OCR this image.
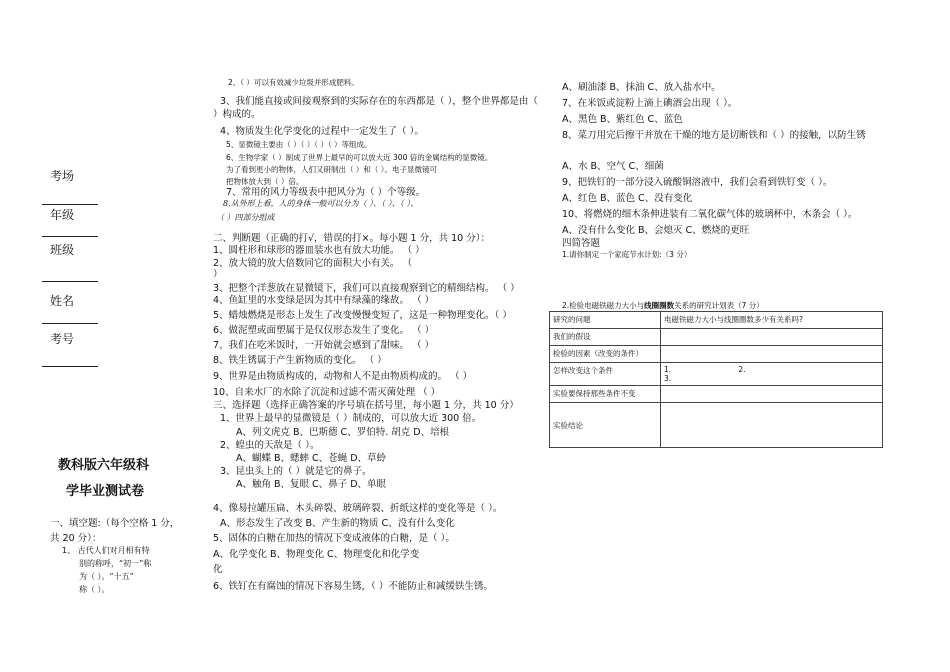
考场
年级
班级
姓名
考号
教科版六年级科
学毕业测试卷
一、填空题:（每个空格 1 分，
共 20 分）：
1、 古代人们对月相有特
别的称呼，“初一”称
为（ ）。“十五”
称（ ）。
2、（ ）可以有效减少垃圾并形成肥料。
3、我们能直接或间接观察到的实际存在的东西都是（ ），整个世界都是由（
）构成的。
4、物质发生化学变化的过程中一定发生了（ ）。
5、显微镜主要由（ ）（ ）（ ）（ ）等组成。
6、生物学家（ ）制成了世界上最早的可以放大近 300 倍的金属结构的显微镜。
为了看到更小的物体，人们又研制出（ ）和（ ）。电子显微镜可
把物体放大到（ ）倍。
7、常用的风力等级表中把风分为（ ）个等级。
8.从外形上看，人的身体一般可以分为（ ）、（ ）、（ ）、
（ ）四部分组成
二、判断题（正确的打√，错误的打×。每小题 1 分，共 10 分）：
1、圆柱形和球形的器皿装水也有放大功能。 （ ）
2、放大镜的放大倍数同它的面积大小有关。 （
）
3、把整个洋葱放在显微镜下，我们可以直接观察到它的精细结构。 （ ）
4、鱼缸里的水变绿是因为其中有绿藻的缘故。 （ ）
5、蜡烛燃烧是形态上发生了改变慢慢变短了，这是一种物理变化。（ ）
6、做泥塑或面塑属于是仅仅形态发生了变化。 （ ）
7、我们在吃米饭时，一开始就会感到了甜味。 （ ）
8、铁生锈属于产生新物质的变化。 （ ）
9、世界是由物质构成的，动物和人不是由物质构成的。 （ ）
10、自来水厂的水除了沉淀和过滤不需灭菌处理 （ ）
三、选择题（选择正确答案的序号填在括号里，每小题 1 分，共 10 分）
1、世界上最早的显微镜是（ ）制成的，可以放大近 300 倍。
A、列文虎克 B、巴斯德 C、罗伯特. 胡克 D、培根
2、蝗虫的天敌是（ ）。
A、蝴蝶 B、蟋蟀 C、苍蝇 D、草蛉
3、昆虫头上的（ ）就是它的鼻子。
A、触角 B、复眼 C、鼻子 D、单眼
4、像易拉罐压扁、木头碎裂、玻璃碎裂、折纸这样的变化等是（ ）。
A、形态发生了改变 B、产生新的物质 C、没有什么变化
5、固体的白糖在加热的情况下变成液体的白糖，是（ ）。
A、化学变化 B、物理变化 C、物理变化和化学变
化
6、铁钉在有腐蚀的情况下容易生锈，（ ）不能防止和减缓铁生锈。
A、刷油漆 B、抹油 C、放入盐水中。
7、在米饭或淀粉上滴上碘酒会出现（ ）。
A、黑色 B、紫红色 C、蓝色
8、菜刀用完后擦干并放在干燥的地方是切断铁和（ ）的接触，以防生锈
A、水 B、空气 C、细菌
9、把铁钉的一部分浸入硫酸铜溶液中，我们会看到铁钉变（ ）。
A、红色 B、蓝色 C、没有变化
10、将燃烧的细木条伸进装有二氧化碳气体的玻璃杯中，木条会（ ）。
A、没有什么变化 B、会熄灭 C、燃烧的更旺
四简答题
1.请你制定一个家庭节水计划:（3 分）
2.检验电磁铁磁力大小与线圈圈数关系的研究计划表（7 分）
研究的问题	电磁铁磁力大小与线圈圈数多少有关系吗?
我们的假设	
检验的因素（改变的条件）	
怎样改变这个条件	1. 2. 3.
实验要保持那些条件不变	
实验结论	
